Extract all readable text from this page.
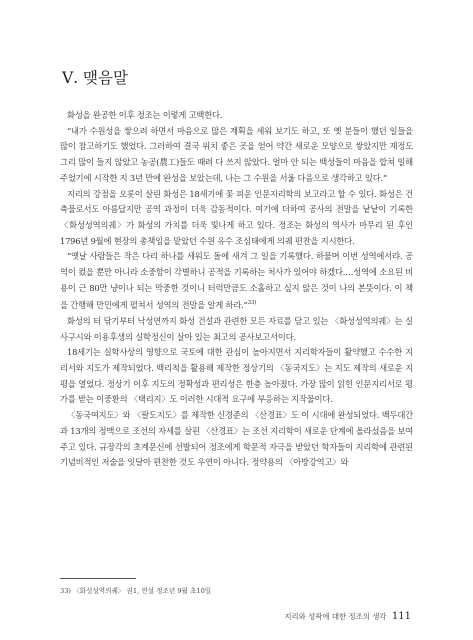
Ⅴ. 맺음말

화성을 완공한 이후 정조는 이렇게 고백한다.

“내가 수원성을 쌓으려 하면서 마음으로 많은 계획을 세워 보기도 하고, 또 옛 분들이 했던 일들을 많이 참고하기도 했었다. 그러하여 결국 위치 좋은 곳을 얻어 약간 새로운 모양으로 쌓았지만 재정도 그리 많이 들지 않았고 농공(農工)들도 때려 다 쓰지 않았다. 얼마 안 되는 백성들이 마음을 합쳐 일해 주었기에 시작한 지 3년 만에 완성을 보았는데, 나는 그 수원을 서울 다음으로 생각하고 있다.”

지리의 강점을 오롯이 살린 화성은 18세기에 꽃 피운 인문지리학의 보고라고 할 수 있다. 화성은 건축물로서도 아름답지만 공역 과정이 더욱 감동적이다. 여기에 더하여 공사의 전말을 낱낱이 기록한 〈화성성역의궤〉가 화성의 가치를 더욱 빛나게 하고 있다. 정조는 화성의 역사가 마무리 된 후인 1796년 9월에 현장의 총책임을 맡았던 수원 유수 조심태에게 의궤 편찬을 지시한다.

“옛날 사람들은 작은 다리 하나를 세워도 돌에 새겨 그 일을 기록했다. 하물며 이번 성역에서랴. 공역이 컸을 뿐만 아니라 소중함이 각별하니 공적을 기록하는 처사가 있어야 하겠다.…성역에 소요된 비용이 근 80만 냥이나 되는 막중한 것이니 터럭만큼도 소홀하고 싶지 않은 것이 나의 본뜻이다. 이 책을 간행해 만민에게 펼쳐서 성역의 전말을 알게 하라.”$^{33)}$

화성의 터 닦기부터 낙성연까지 화성 건설과 관련한 모든 자료를 담고 있는 〈화성성역의궤〉는 실사구시와 이용후생의 실학정신이 살아 있는 최고의 공사보고서이다.

18세기는 실학사상의 영향으로 국토에 대한 관심이 높아지면서 지리학자들이 활약했고 수수한 지리서와 지도가 제작되었다. 백리척을 활용해 제작한 정상기의 〈동국지도〉는 지도 제작의 새로운 지평을 열었다. 정상기 이후 지도의 정확성과 편리성은 한층 높아졌다. 가장 많이 읽힌 인문지리서로 평가를 받는 이중환의 〈택리지〉도 이러한 시대적 요구에 부응하는 지작물이다.

〈동국여지도〉와 〈팔도지도〉를 제작한 신경준의 〈산경표〉도 이 시대에 완성되었다. 백두대간과 13개의 정맥으로 조선의 자세를 살핀 〈산경표〉는 조선 지리학이 새로운 단계에 올라섰음을 보여주고 있다. 규장각의 초계문신에 선발되어 정조에게 학문적 자극을 받았던 학자들이 지리학에 관련된 기념비적인 저술을 잇달아 편찬한 것도 우연이 아니다. 정약용의 〈아방강역고〉와

33) 〈화성성역의궤〉 권1, 연설 정조년 9월 초10일
지리와 성곽에 대한 정조의 생각 111
